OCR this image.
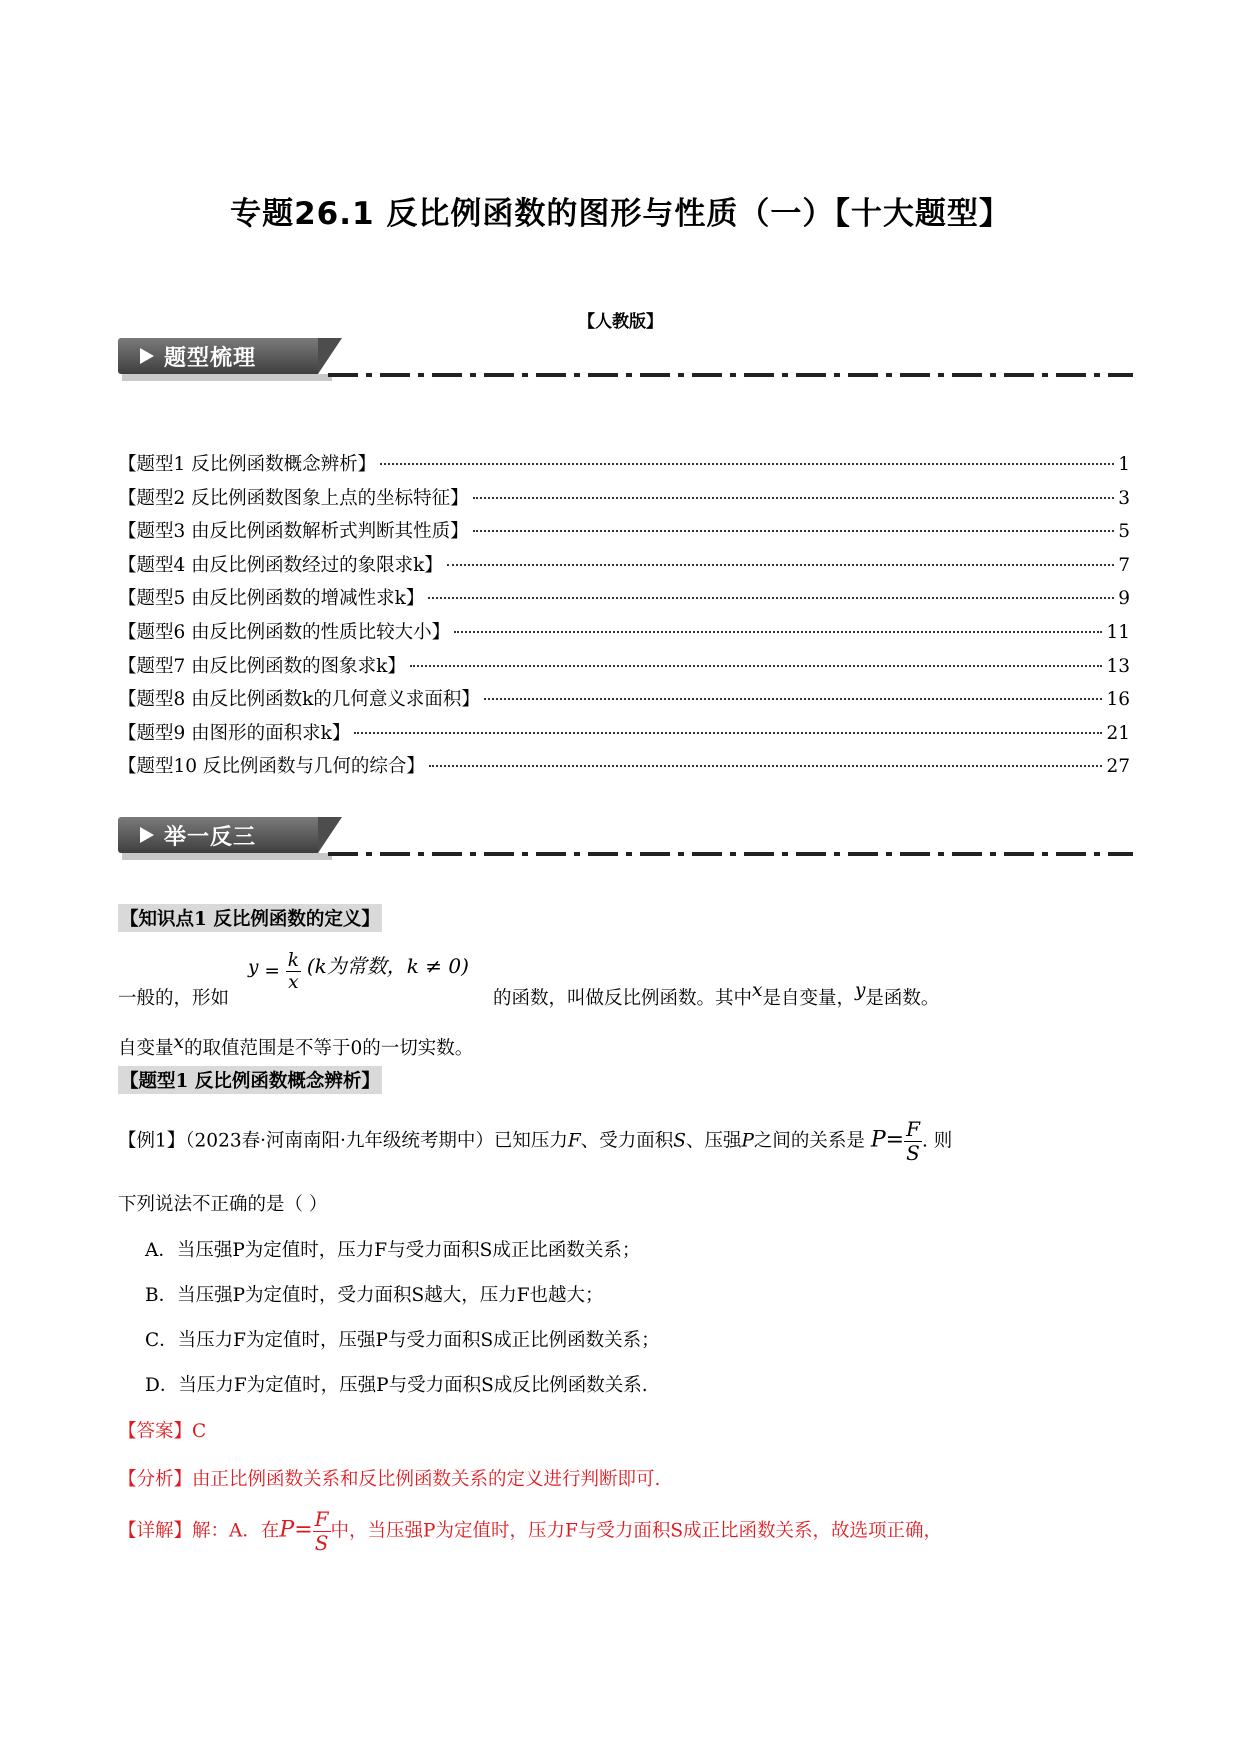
专题26.1 反比例函数的图形与性质（一）【十大题型】
【人教版】
题型梳理
【题型1 反比例函数概念辨析】	1
【题型2 反比例函数图象上点的坐标特征】	3
【题型3 由反比例函数解析式判断其性质】	5
【题型4 由反比例函数经过的象限求k】	7
【题型5 由反比例函数的增减性求k】	9
【题型6 由反比例函数的性质比较大小】	11
【题型7 由反比例函数的图象求k】	13
【题型8 由反比例函数k的几何意义求面积】	16
【题型9 由图形的面积求k】	21
【题型10 反比例函数与几何的综合】	27
举一反三
【知识点1 反比例函数的定义】
一般的，形如
$y = \frac{k}{x} (k$为常数，k ≠ 0)
的函数，叫做反比例函数。其中x是自变量，y是函数。
自变量x的取值范围是不等于0的一切实数。
【题型1 反比例函数概念辨析】
【例1】（2023春·河南南阳·九年级统考期中）已知压力F、受力面积S、压强P之间的关系是 $P= \frac{F}{S}$ . 则
下列说法不正确的是（ ）
A．当压强P为定值时，压力F与受力面积S成正比函数关系；
B．当压强P为定值时，受力面积S越大，压力F也越大；
C．当压力F为定值时，压强P与受力面积S成正比例函数关系；
D．当压力F为定值时，压强P与受力面积S成反比例函数关系.
【答案】C
【分析】由正比例函数关系和反比例函数关系的定义进行判断即可.
【详解】解：A．在$P= \frac{F}{S}$ 中，当压强P为定值时，压力F与受力面积S成正比函数关系，故选项正确，
